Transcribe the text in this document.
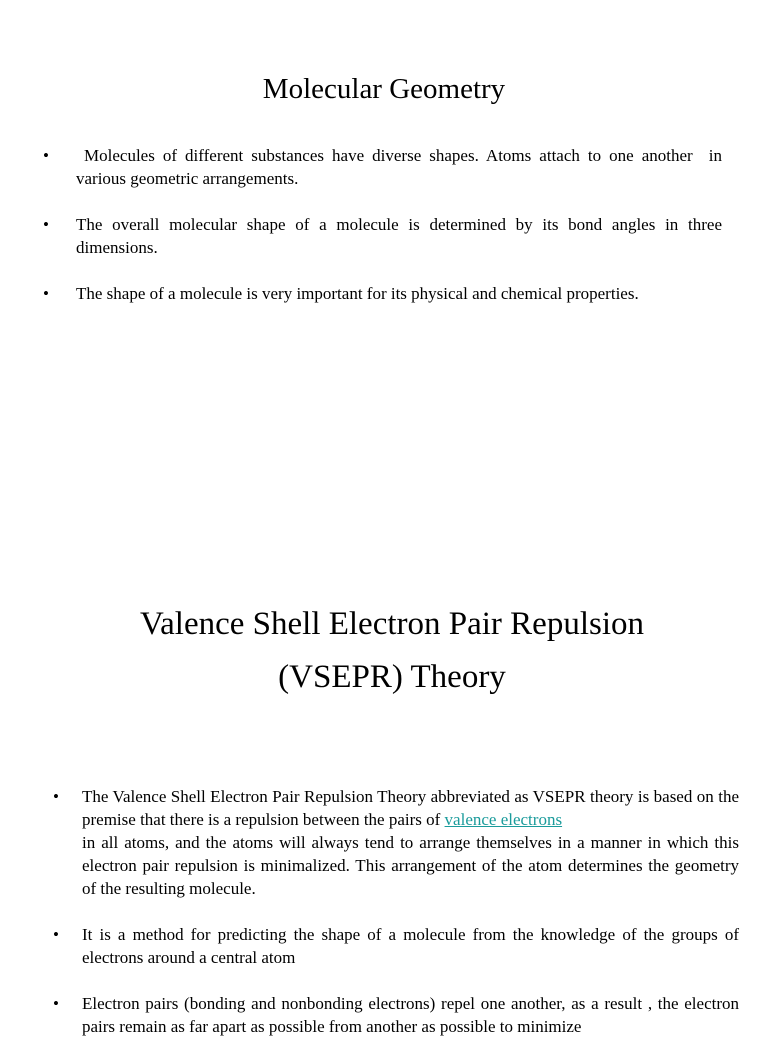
Molecular Geometry
• Molecules of different substances have diverse shapes. Atoms attach to one another  in various geometric arrangements.
• The overall molecular shape of a molecule is determined by its bond angles in three dimensions.
• The shape of a molecule is very important for its physical and chemical properties.
Valence Shell Electron Pair Repulsion
(VSEPR) Theory
• The Valence Shell Electron Pair Repulsion Theory abbreviated as VSEPR theory is based on the premise that there is a repulsion between the pairs of valence electrons
in all atoms, and the atoms will always tend to arrange themselves in a manner in which this electron pair repulsion is minimalized. This arrangement of the atom determines the geometry of the resulting molecule.
• It is a method for predicting the shape of a molecule from the knowledge of the groups of electrons around a central atom
• Electron pairs (bonding and nonbonding electrons) repel one another, as a result , the electron pairs remain as far apart as possible from another as possible to minimize
